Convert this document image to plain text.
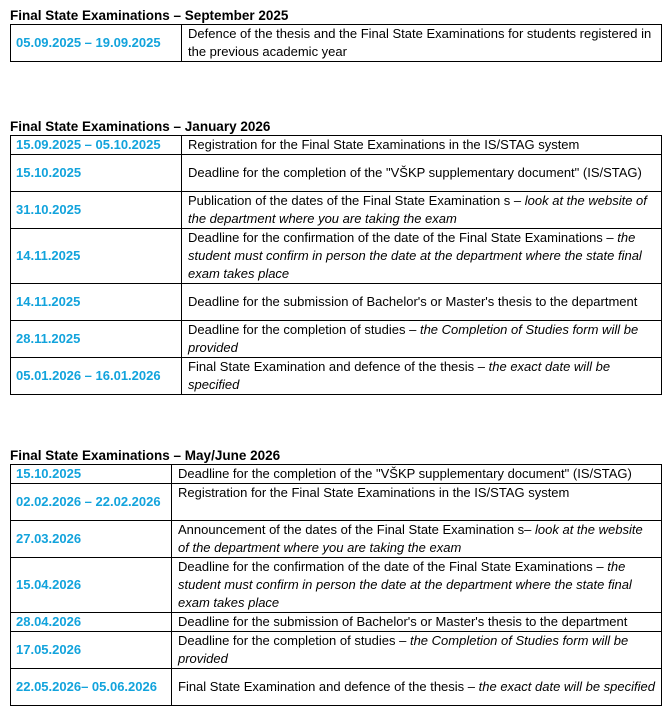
Final State Examinations – September 2025
05.09.2025 – 19.09.2025	Defence of the thesis and the Final State Examinations for students registered in the previous academic year
Final State Examinations – January 2026
15.09.2025 – 05.10.2025	Registration for the Final State Examinations in the IS/STAG system
15.10.2025	Deadline for the completion of the "VŠKP supplementary document" (IS/STAG)
31.10.2025	Publication of the dates of the Final State Examination s – look at the website of the department where you are taking the exam
14.11.2025	Deadline for the confirmation of the date of the Final State Examinations – the student must confirm in person the date at the department where the state final exam takes place
14.11.2025	Deadline for the submission of Bachelor's or Master's thesis to the department
28.11.2025	Deadline for the completion of studies – the Completion of Studies form will be provided
05.01.2026 – 16.01.2026	Final State Examination and defence of the thesis – the exact date will be specified
Final State Examinations – May/June 2026
15.10.2025	Deadline for the completion of the "VŠKP supplementary document" (IS/STAG)
02.02.2026 – 22.02.2026	Registration for the Final State Examinations in the IS/STAG system
27.03.2026	Announcement of the dates of the Final State Examination s– look at the website of the department where you are taking the exam
15.04.2026	Deadline for the confirmation of the date of the Final State Examinations – the student must confirm in person the date at the department where the state final exam takes place
28.04.2026	Deadline for the submission of Bachelor's or Master's thesis to the department
17.05.2026	Deadline for the completion of studies – the Completion of Studies form will be provided
22.05.2026– 05.06.2026	Final State Examination and defence of the thesis – the exact date will be specified
